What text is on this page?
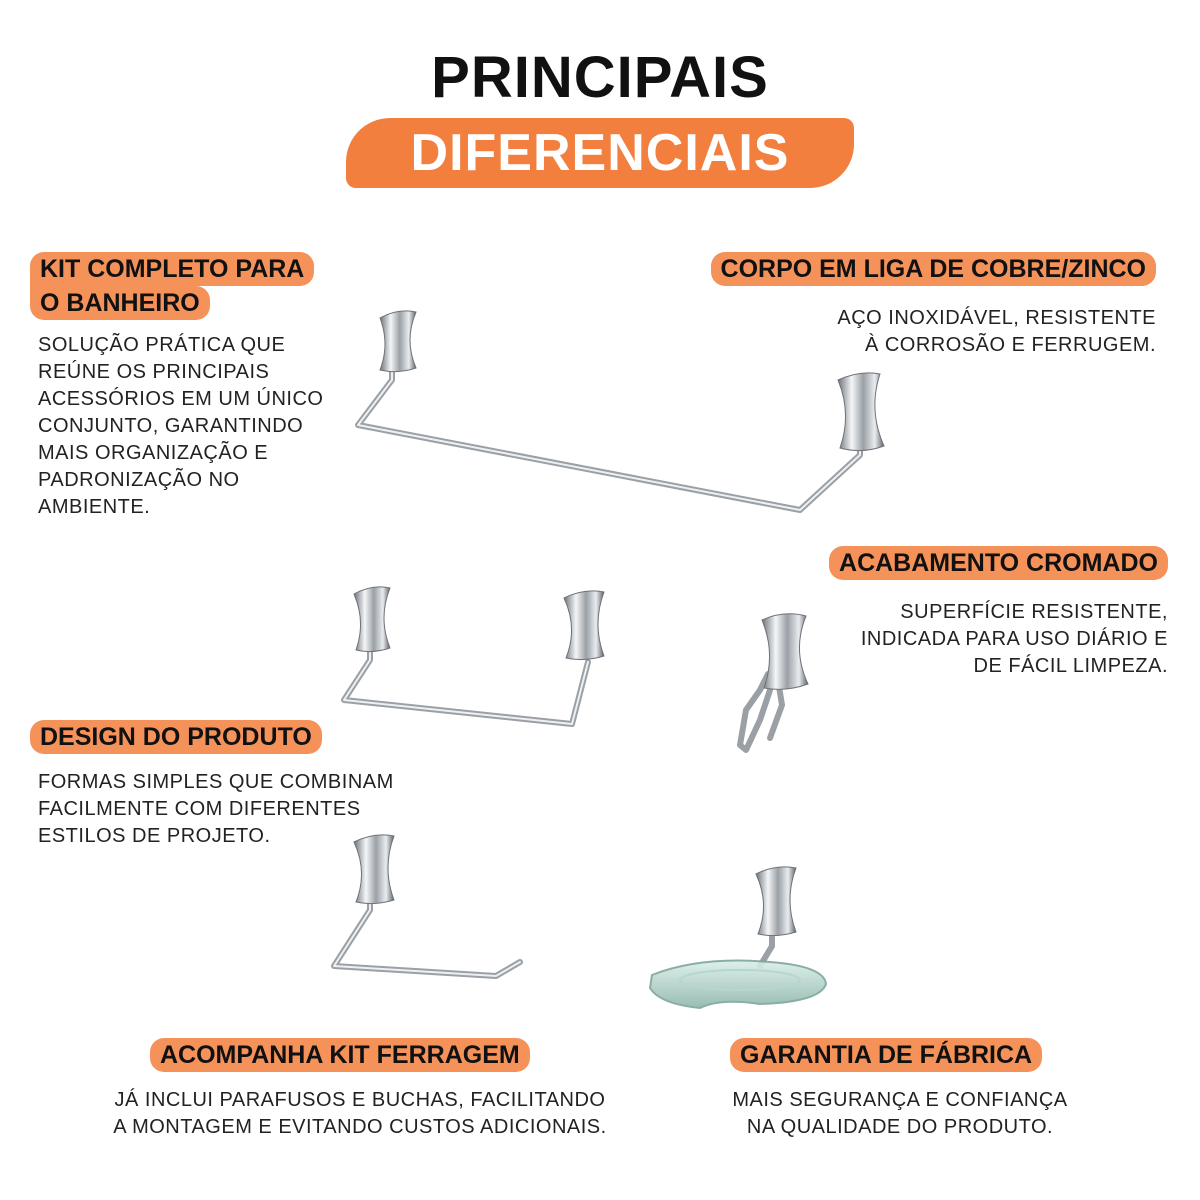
PRINCIPAIS
DIFERENCIAIS
KIT COMPLETO PARA
O BANHEIRO
SOLUÇÃO PRÁTICA QUE
REÚNE OS PRINCIPAIS
ACESSÓRIOS EM UM ÚNICO
CONJUNTO, GARANTINDO
MAIS ORGANIZAÇÃO E
PADRONIZAÇÃO NO
AMBIENTE.
CORPO EM LIGA DE COBRE/ZINCO
AÇO INOXIDÁVEL, RESISTENTE
À CORROSÃO E FERRUGEM.
ACABAMENTO CROMADO
SUPERFÍCIE RESISTENTE,
INDICADA PARA USO DIÁRIO E
DE FÁCIL LIMPEZA.
DESIGN DO PRODUTO
FORMAS SIMPLES QUE COMBINAM
FACILMENTE COM DIFERENTES
ESTILOS DE PROJETO.
ACOMPANHA KIT FERRAGEM
JÁ INCLUI PARAFUSOS E BUCHAS, FACILITANDO
A MONTAGEM E EVITANDO CUSTOS ADICIONAIS.
GARANTIA DE FÁBRICA
MAIS SEGURANÇA E CONFIANÇA
NA QUALIDADE DO PRODUTO.
